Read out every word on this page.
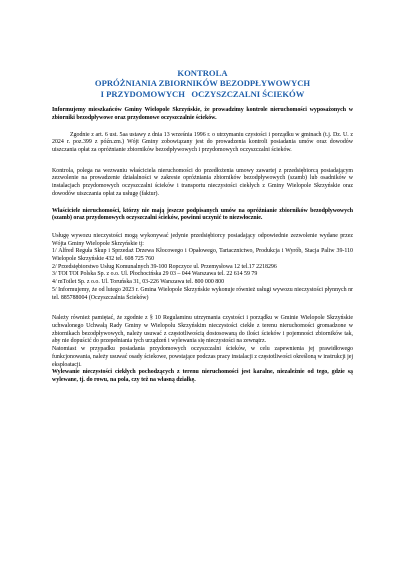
KONTROLA
OPRÓŻNIANIA ZBIORNIKÓW BEZODPŁYWOWYCH
I PRZYDOMOWYCH   OCZYSZCZALNI ŚCIEKÓW

Informujemy mieszkańców Gminy Wielopole Skrzyńskie, że prowadzimy kontrole nieruchomości wyposażonych w zbiorniki bezodpływowe oraz przydomowe oczyszczalnie ścieków.

Zgodnie z art. 6 ust. 5aa ustawy z dnia 13 września 1996 r. o utrzymaniu czystości i porządku w gminach (t.j. Dz. U. z 2024 r. poz.399 z późn.zm.) Wójt Gminy zobowiązany jest do prowadzenia kontroli posiadania umów oraz dowodów uiszczania opłat za opróżnianie zbiorników bezodpływowych i przydomowych oczyszczalni ścieków.

Kontrola, polega na wezwaniu właściciela nieruchomości do przedłożenia umowy zawartej z przedsiębiorcą posiadającym zezwolenie na prowadzenie działalności w zakresie opróżniania zbiorników bezodpływowych (szamb) lub osadników w instalacjach przydomowych oczyszczalni ścieków i transportu nieczystości ciekłych z Gminy Wielopole Skrzyńskie oraz dowodów uiszczania opłat za usługę (faktur).

Właściciele nieruchomości, którzy nie mają jeszcze podpisanych umów na opróżnianie zbiorników bezodpływowych (szamb) oraz przydomowych oczyszczalni ścieków, powinni uczynić to niezwłocznie.

Usługę wywozu nieczystości mogą wykonywać jedynie przedsiębiorcy posiadający odpowiednie zezwolenie wydane przez Wójta Gminy Wielopole Skrzyńskie tj:

1/ Alfred Reguła Skup i Sprzedaż Drzewa Kłocowego i Opałowego, Tartacznictwo, Produkcja i Wyrób, Stacja Paliw 39-110 Wielopole Skrzyńskie 432 tel. 608 725 760
2/ Przedsiębiorstwo Usług Komunalnych 39-100 Ropczyce ul. Przemysłowa 12 tel.17 2218296
3/ TOI TOI Polska Sp. z o.o. Ul. Płochocińska 29 03 – 044 Warszawa tel. 22 614 59 79
4/ mToilet Sp. z o.o. Ul. Toruńska 31, 03-226 Warszawa tel. 800 000 800
5/ Informujemy, że od lutego 2023 r. Gmina Wielopole Skrzyńskie wykonuje również usługi wywozu nieczystości płynnych nr tel. 885788004 (Oczyszczalnia Ścieków)

Należy również pamiętać, że zgodnie z § 10 Regulaminu utrzymania czystości i porządku w Gminie Wielopole Skrzyńskie uchwalonego Uchwałą Rady Gminy w Wielopolu Skrzyńskim nieczystości ciekłe z terenu nieruchomości gromadzone w zbiornikach bezodpływowych, należy usuwać z częstotliwością dostosowaną do ilości ścieków i pojemności zbiorników tak, aby nie dopuścić do przepełniania tych urządzeń i wylewania się nieczystości na zewnątrz.

Natomiast w przypadku posiadania przydomowych oczyszczalni ścieków, w celu zapewnienia jej prawidłowego funkcjonowania, należy usuwać osady ściekowe, powstające podczas pracy instalacji z częstotliwości określoną w instrukcji jej eksploatacji.

Wylewanie nieczystości ciekłych pochodzących z terenu nieruchomości jest karalne, niezależnie od tego, gdzie są wylewane, tj. do rowu, na pola, czy też na własną działkę.
